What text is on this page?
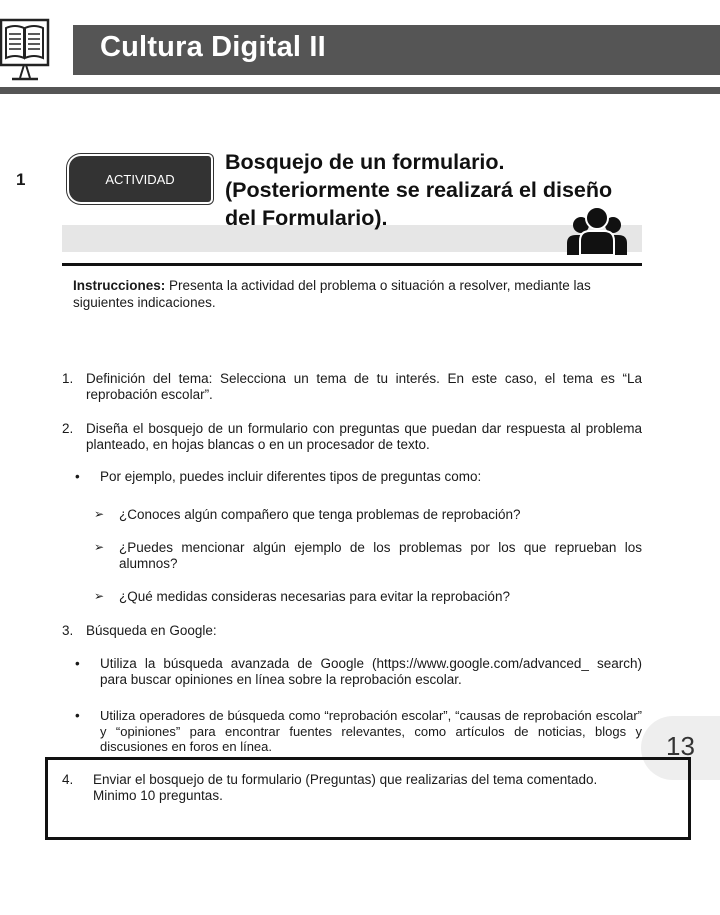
Cultura Digital II
1	ACTIVIDAD
Bosquejo de un formulario. (Posteriormente se realizará el diseño del Formulario).
Instrucciones: Presenta la actividad del problema o situación a resolver, mediante las siguientes indicaciones.
1. Definición del tema: Selecciona un tema de tu interés. En este caso, el tema es “La reprobación escolar”.
2. Diseña el bosquejo de un formulario con preguntas que puedan dar respuesta al problema planteado, en hojas blancas o en un procesador de texto.
• Por ejemplo, puedes incluir diferentes tipos de preguntas como:
➢ ¿Conoces algún compañero que tenga problemas de reprobación?
➢ ¿Puedes mencionar algún ejemplo de los problemas por los que reprueban los alumnos?
➢ ¿Qué medidas consideras necesarias para evitar la reprobación?
3. Búsqueda en Google:
• Utiliza la búsqueda avanzada de Google (https://www.google.com/advanced_ search) para buscar opiniones en línea sobre la reprobación escolar.
• Utiliza operadores de búsqueda como “reprobación escolar”, “causas de reprobación escolar” y “opiniones” para encontrar fuentes relevantes, como artículos de noticias, blogs y discusiones en foros en línea.	13
4. Enviar el bosquejo de tu formulario (Preguntas) que realizarias del tema comentado. Minimo 10 preguntas.
